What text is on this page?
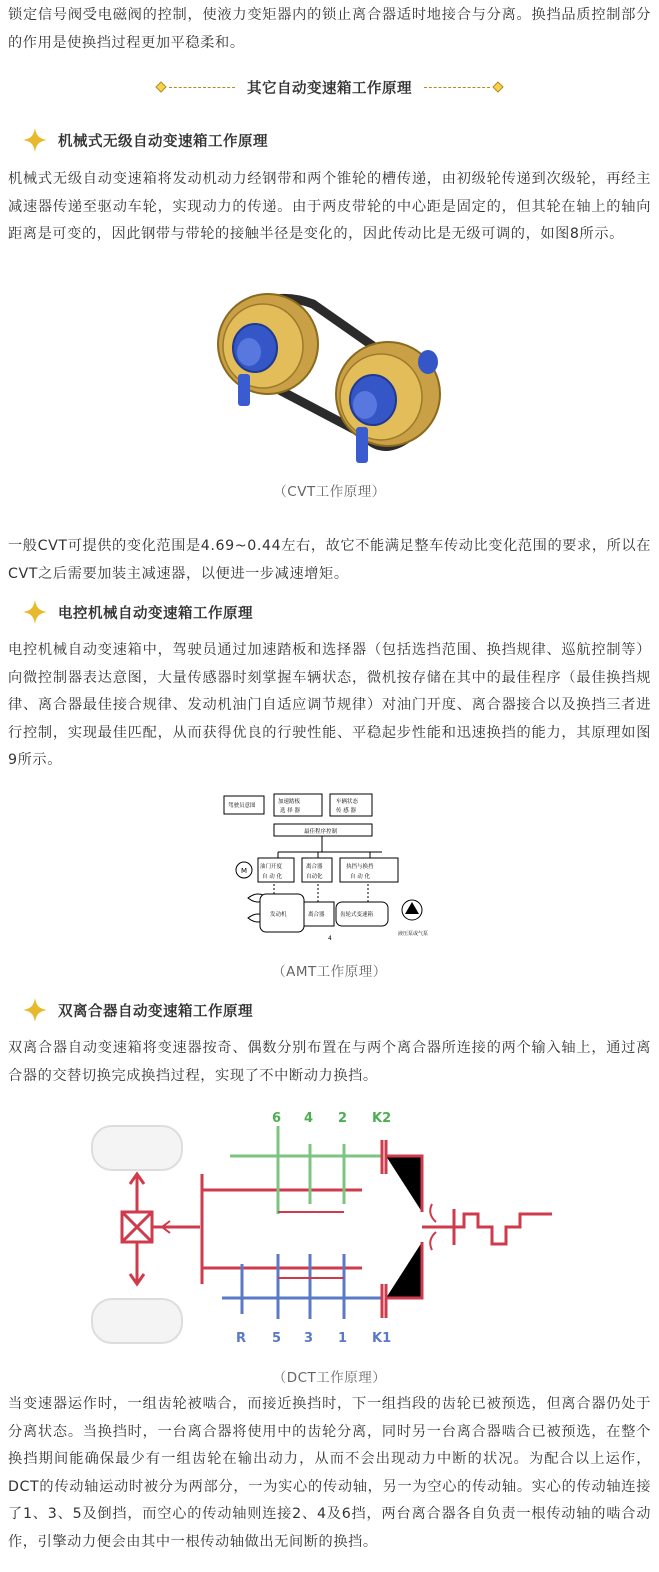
锁定信号阀受电磁阀的控制，使液力变矩器内的锁止离合器适时地接合与分离。换挡品质控制部分的作用是使换挡过程更加平稳柔和。

其它自动变速箱工作原理
机械式无级自动变速箱工作原理

机械式无级自动变速箱将发动机动力经钢带和两个锥轮的槽传递，由初级轮传递到次级轮，再经主减速器传递至驱动车轮，实现动力的传递。由于两皮带轮的中心距是固定的，但其轮在轴上的轴向距离是可变的，因此钢带与带轮的接触半径是变化的，因此传动比是无级可调的，如图8所示。

（CVT工作原理）

一般CVT可提供的变化范围是4.69~0.44左右，故它不能满足整车传动比变化范围的要求，所以在CVT之后需要加装主减速器，以便进一步减速增矩。

电控机械自动变速箱工作原理

电控机械自动变速箱中，驾驶员通过加速踏板和选择器（包括选挡范围、换挡规律、巡航控制等）向微控制器表达意图，大量传感器时刻掌握车辆状态，微机按存储在其中的最佳程序（最佳换挡规律、离合器最佳接合规律、发动机油门自适应调节规律）对油门开度、离合器接合以及换挡三者进行控制，实现最佳匹配，从而获得优良的行驶性能、平稳起步性能和迅速换挡的能力，其原理如图9所示。

驾驶员意图
加速踏板
选 择 器
车辆状态
传 感 器
最佳程序控制
M 油门开度
自 动 化
离合器
自动化
执挡与换挡
自 动 化
发动机	离合器	齿轮式变速箱
液压泵或气泵
4
（AMT工作原理）
双离合器自动变速箱工作原理

双离合器自动变速箱将变速器按奇、偶数分别布置在与两个离合器所连接的两个输入轴上，通过离合器的交替切换完成换挡过程，实现了不中断动力换挡。

6 4 2 K2
R 5 3 1 K1
（DCT工作原理）

当变速器运作时，一组齿轮被啮合，而接近换挡时，下一组挡段的齿轮已被预选，但离合器仍处于分离状态。当换挡时，一台离合器将使用中的齿轮分离，同时另一台离合器啮合已被预选，在整个换挡期间能确保最少有一组齿轮在输出动力，从而不会出现动力中断的状况。为配合以上运作，DCT的传动轴运动时被分为两部分，一为实心的传动轴，另一为空心的传动轴。实心的传动轴连接了1、3、5及倒挡，而空心的传动轴则连接2、4及6挡，两台离合器各自负责一根传动轴的啮合动作，引擎动力便会由其中一根传动轴做出无间断的换挡。
